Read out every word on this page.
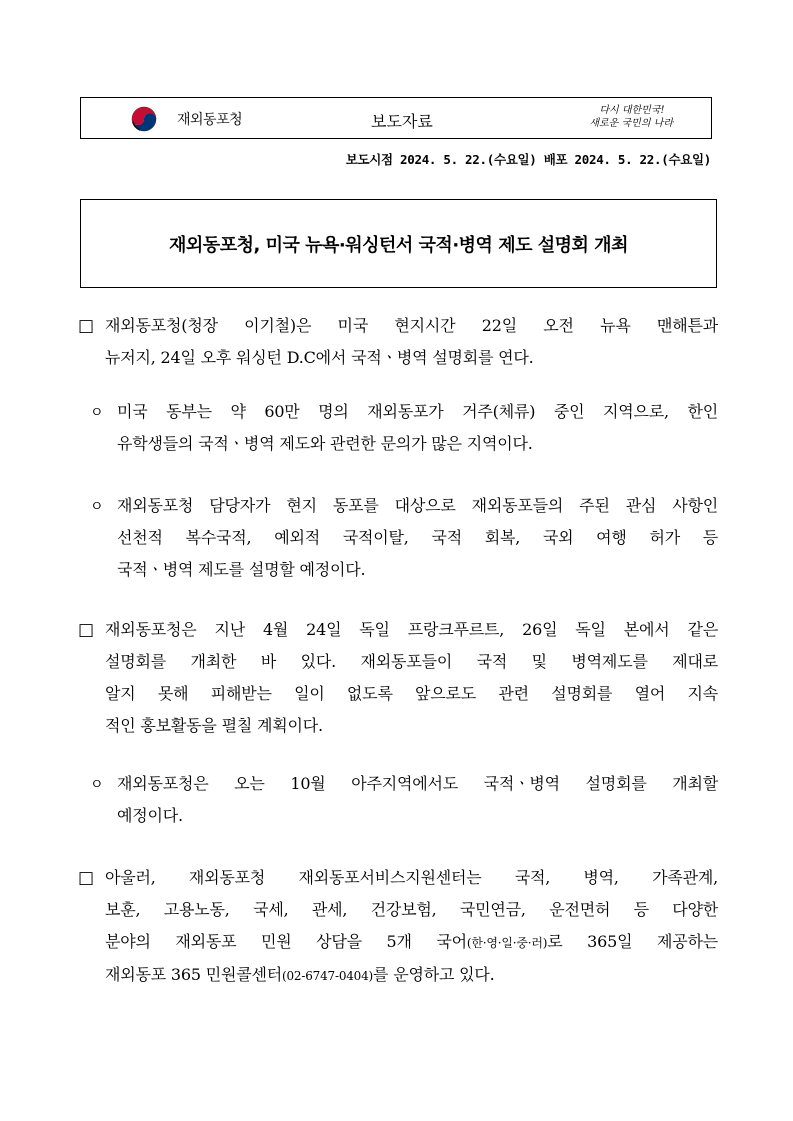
재외동포청	보도자료
다시 대한민국!
새로운 국민의 나라
보도시점 2024. 5. 22.(수요일) 배포 2024. 5. 22.(수요일)
재외동포청, 미국 뉴욕·워싱턴서 국적·병역 제도 설명회 개최
□ 재외동포청(청장 이기철)은 미국 현지시간 22일 오전 뉴욕 맨해튼과
뉴저지, 24일 오후 워싱턴 D.C에서 국적ㆍ병역 설명회를 연다.
ㅇ 미국 동부는 약 60만 명의 재외동포가 거주(체류) 중인 지역으로, 한인
유학생들의 국적ㆍ병역 제도와 관련한 문의가 많은 지역이다.
ㅇ 재외동포청 담당자가 현지 동포를 대상으로 재외동포들의 주된 관심 사항인
선천적 복수국적, 예외적 국적이탈, 국적 회복, 국외 여행 허가 등
국적ㆍ병역 제도를 설명할 예정이다.
□ 재외동포청은 지난 4월 24일 독일 프랑크푸르트, 26일 독일 본에서 같은
설명회를 개최한 바 있다. 재외동포들이 국적 및 병역제도를 제대로
알지 못해 피해받는 일이 없도록 앞으로도 관련 설명회를 열어 지속
적인 홍보활동을 펼칠 계획이다.
ㅇ 재외동포청은 오는 10월 아주지역에서도 국적ㆍ병역 설명회를 개최할
예정이다.
□ 아울러, 재외동포청 재외동포서비스지원센터는 국적, 병역, 가족관계,
보훈, 고용노동, 국세, 관세, 건강보험, 국민연금, 운전면허 등 다양한
분야의 재외동포 민원 상담을 5개 국어(한·영·일·중·러)로 365일 제공하는
재외동포 365 민원콜센터(02-6747-0404)를 운영하고 있다.
